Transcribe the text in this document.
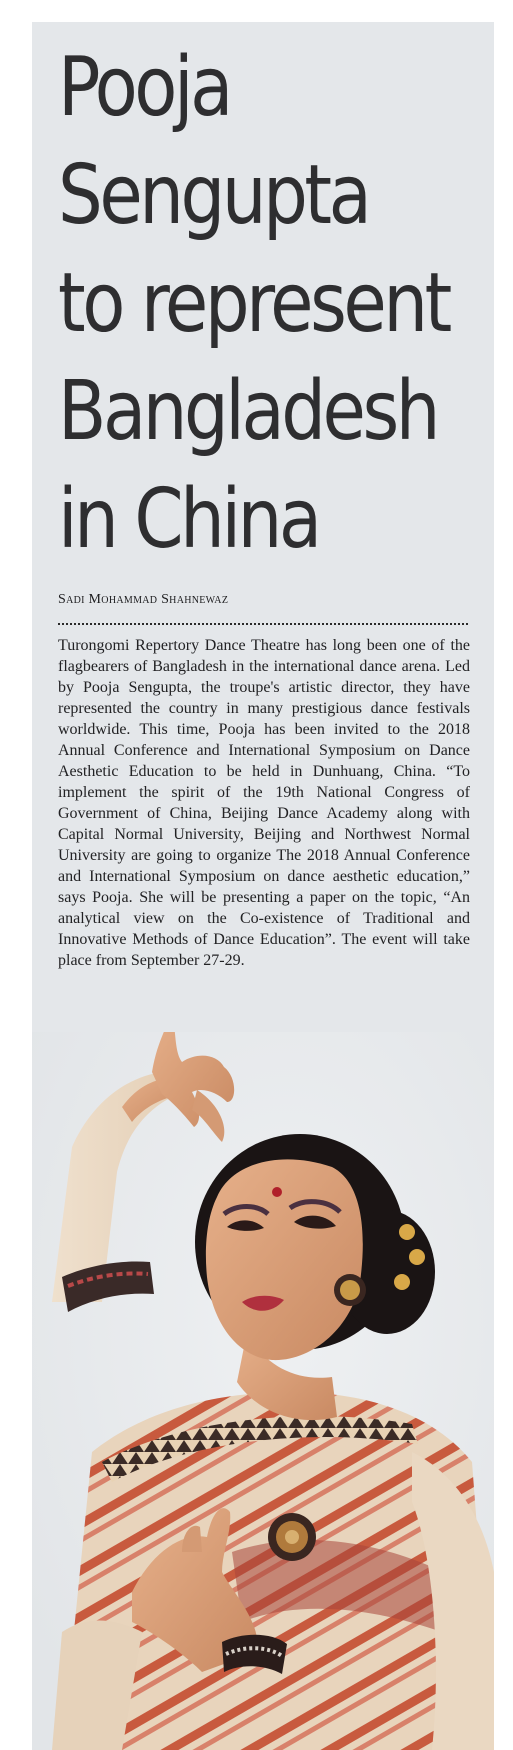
Pooja
Sengupta
to represent
Bangladesh
in China

Sadi Mohammad Shahnewaz

Turongomi Repertory Dance Theatre has long been one of the flagbearers of Bangladesh in the international dance arena. Led by Pooja Sengupta, the troupe's artistic director, they have represented the country in many prestigious dance festivals worldwide. This time, Pooja has been invited to the 2018 Annual Conference and International Symposium on Dance Aesthetic Education to be held in Dunhuang, China. “To implement the spirit of the 19th National Congress of Government of China, Beijing Dance Academy along with Capital Normal University, Beijing and Northwest Normal University are going to organize The 2018 Annual Conference and International Symposium on dance aesthetic education,” says Pooja. She will be presenting a paper on the topic, “An analytical view on the Co-existence of Traditional and Innovative Methods of Dance Education”. The event will take place from September 27-29.
